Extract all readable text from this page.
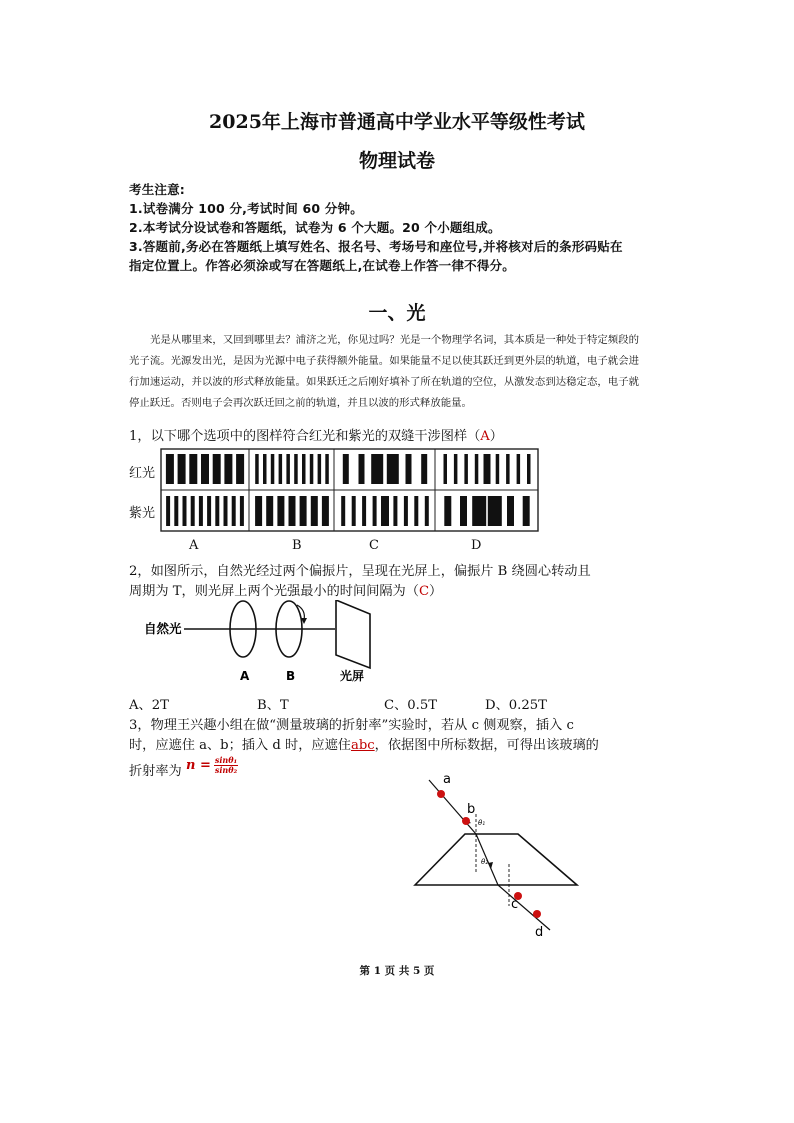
2025年上海市普通高中学业水平等级性考试
物理试卷
考生注意:
1.试卷满分 100 分,考试时间 60 分钟。
2.本考试分设试卷和答题纸，试卷为 6 个大题。20 个小题组成。
3.答题前,务必在答题纸上填写姓名、报名号、考场号和座位号,并将核对后的条形码贴在
指定位置上。作答必须涂或写在答题纸上,在试卷上作答一律不得分。
一、光
光是从哪里来，又回到哪里去？浦济之光，你见过吗？光是一个物理学名词，其本质是一种处于特定频段的光子流。光源发出光，是因为光源中电子获得额外能量。如果能量不足以使其跃迁到更外层的轨道，电子就会进行加速运动，并以波的形式释放能量。如果跃迁之后刚好填补了所在轨道的空位，从激发态到达稳定态，电子就停止跃迁。否则电子会再次跃迁回之前的轨道，并且以波的形式释放能量。
1，以下哪个选项中的图样符合红光和紫光的双缝干涉图样（A）
红光
紫光
A	B	C	D
2，如图所示，自然光经过两个偏振片，呈现在光屏上，偏振片 B 绕圆心转动且
周期为 T，则光屏上两个光强最小的时间间隔为（C）
自然光
A	B	光屏
A、2T	B、T	C、0.5T	D、0.25T
3，物理王兴趣小组在做“测量玻璃的折射率”实验时，若从 c 侧观察，插入 c
时，应遮住 a、b；插入 d 时，应遮住abc，依据图中所标数据，可得出该玻璃的
折射率为 $n = \frac{\text{sinθ₁}}{\text{sinθ₂}}$
a
b
c
d
θ₁
θ₂
第 1 页 共 5 页
